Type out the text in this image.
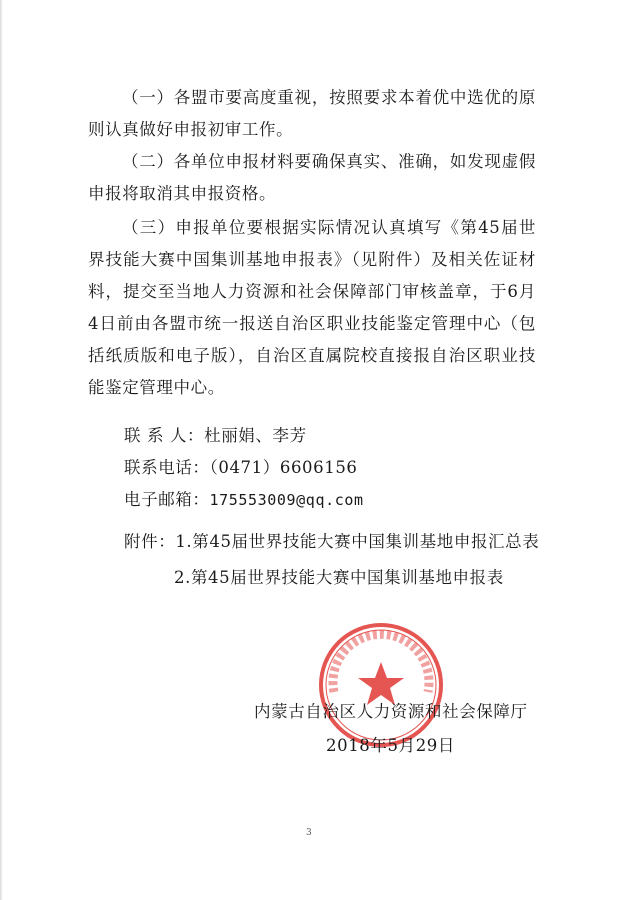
（一）各盟市要高度重视，按照要求本着优中选优的原则认真做好申报初审工作。

（二）各单位申报材料要确保真实、准确，如发现虚假申报将取消其申报资格。

（三）申报单位要根据实际情况认真填写《第45届世界技能大赛中国集训基地申报表》（见附件）及相关佐证材料，提交至当地人力资源和社会保障部门审核盖章，于6月4日前由各盟市统一报送自治区职业技能鉴定管理中心（包括纸质版和电子版），自治区直属院校直接报自治区职业技能鉴定管理中心。

联 系 人：杜丽娟、李芳
联系电话：（0471）6606156
电子邮箱：175553009@qq.com
附件：1.第45届世界技能大赛中国集训基地申报汇总表
2.第45届世界技能大赛中国集训基地申报表
内蒙古自治区人力资源和社会保障厅
2018年5月29日
3
